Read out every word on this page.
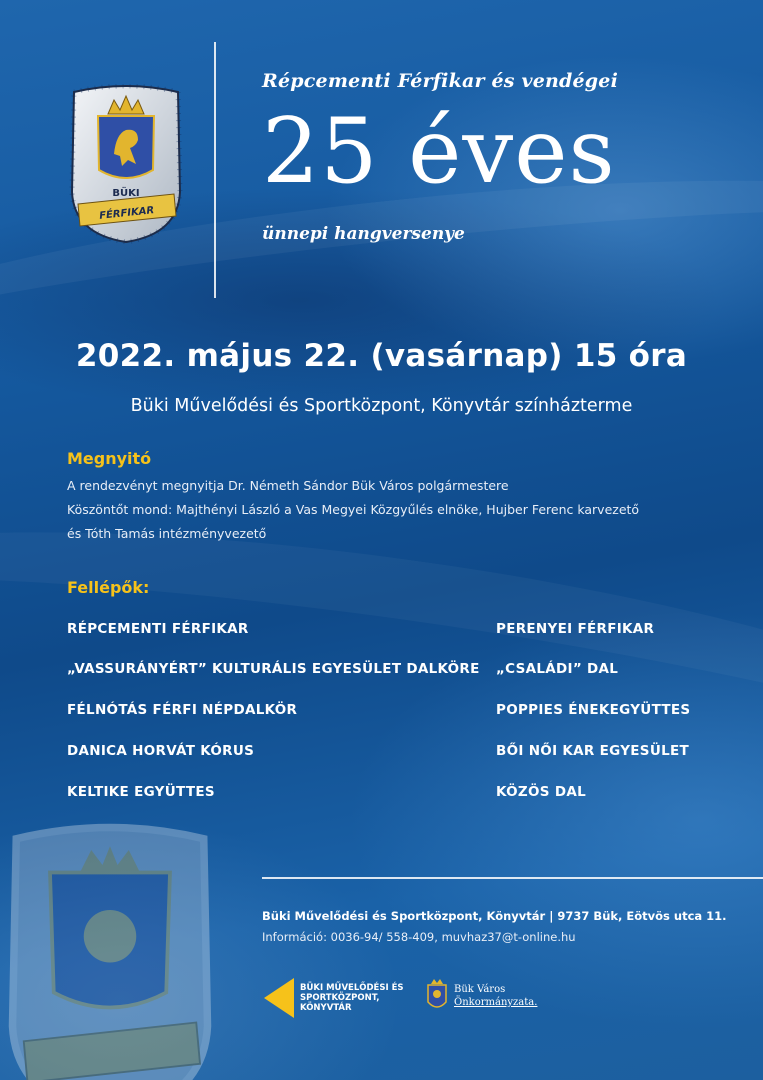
BÜKI
FÉRFIKAR
Répcementi Férfikar és vendégei
25 éves
ünnepi hangversenye
2022. május 22. (vasárnap) 15 óra
Büki Művelődési és Sportközpont, Könyvtár színházterme
Megnyitó
A rendezvényt megnyitja Dr. Németh Sándor Bük Város polgármestere
Köszöntőt mond: Majthényi László a Vas Megyei Közgyűlés elnöke, Hujber Ferenc karvezető
és Tóth Tamás intézményvezető
Fellépők:
RÉPCEMENTI FÉRFIKAR
„VASSURÁNYÉRT” KULTURÁLIS EGYESÜLET DALKÖRE
FÉLNÓTÁS FÉRFI NÉPDALKÖR
DANICA HORVÁT KÓRUS
KELTIKE EGYÜTTES
PERENYEI FÉRFIKAR
„CSALÁDI” DAL
POPPIES ÉNEKEGYÜTTES
BŐI NŐI KAR EGYESÜLET
KÖZÖS DAL
Büki Művelődési és Sportközpont, Könyvtár | 9737 Bük, Eötvös utca 11.
Információ: 0036-94/ 558-409, muvhaz37@t-online.hu
BÜKI MŰVELŐDÉSI ÉS
SPORTKÖZPONT,
KÖNYVTÁR
Bük Város
Önkormányzata.
